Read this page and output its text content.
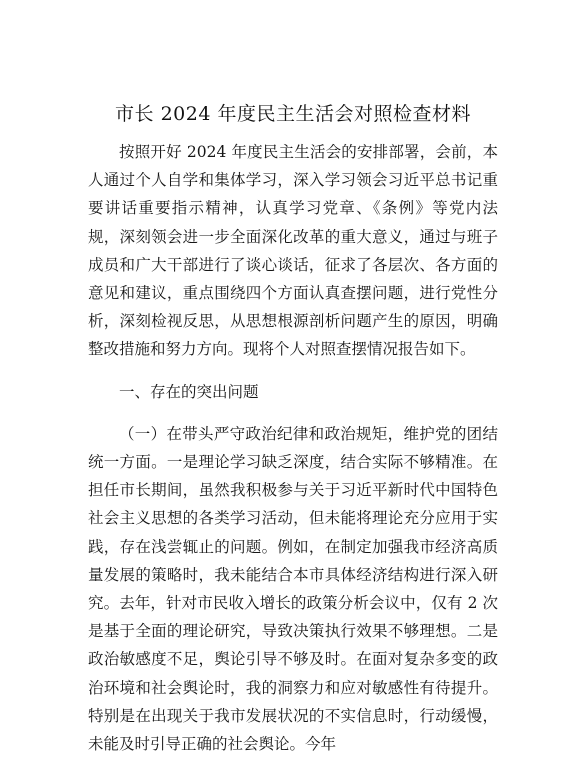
市长 2024 年度民主生活会对照检查材料

按照开好 2024 年度民主生活会的安排部署，会前，本人通过个人自学和集体学习，深入学习领会习近平总书记重要讲话重要指示精神，认真学习党章、《条例》等党内法规，深刻领会进一步全面深化改革的重大意义，通过与班子成员和广大干部进行了谈心谈话，征求了各层次、各方面的意见和建议，重点围绕四个方面认真查摆问题，进行党性分析，深刻检视反思，从思想根源剖析问题产生的原因，明确整改措施和努力方向。现将个人对照查摆情况报告如下。

一、存在的突出问题

（一）在带头严守政治纪律和政治规矩，维护党的团结统一方面。一是理论学习缺乏深度，结合实际不够精准。在担任市长期间，虽然我积极参与关于习近平新时代中国特色社会主义思想的各类学习活动，但未能将理论充分应用于实践，存在浅尝辄止的问题。例如，在制定加强我市经济高质量发展的策略时，我未能结合本市具体经济结构进行深入研究。去年，针对市民收入增长的政策分析会议中，仅有 2 次是基于全面的理论研究，导致决策执行效果不够理想。二是政治敏感度不足，舆论引导不够及时。在面对复杂多变的政治环境和社会舆论时，我的洞察力和应对敏感性有待提升。特别是在出现关于我市发展状况的不实信息时，行动缓慢，未能及时引导正确的社会舆论。今年
